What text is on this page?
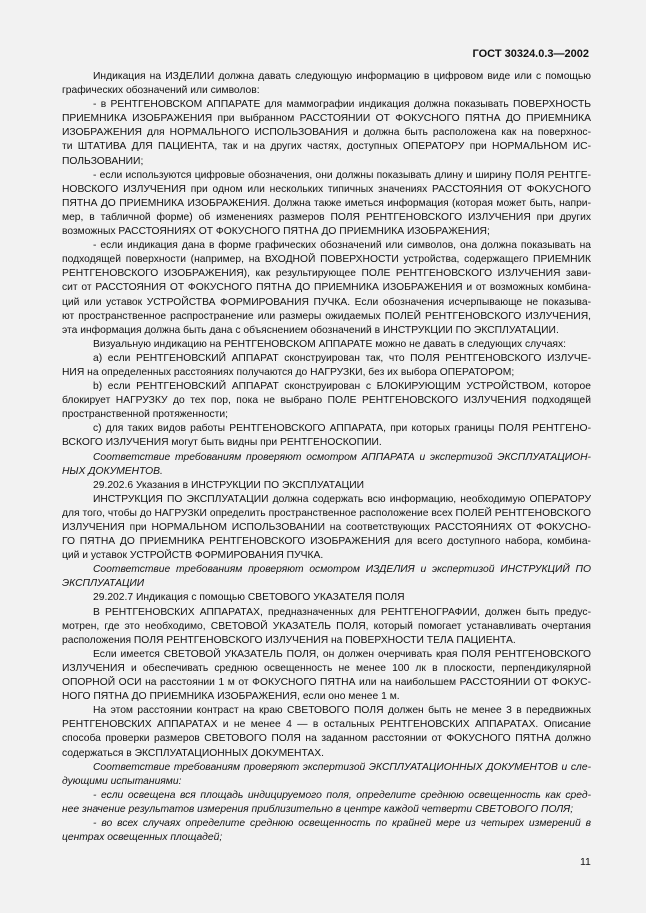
ГОСТ 30324.0.3—2002
Индикация на ИЗДЕЛИИ должна давать следующую информацию в цифровом виде или с помощью
графических обозначений или символов:
- в РЕНТГЕНОВСКОМ АППАРАТЕ для маммографии индикация должна показывать ПОВЕРХНОСТЬ
ПРИЕМНИКА ИЗОБРАЖЕНИЯ при выбранном РАССТОЯНИИ ОТ ФОКУСНОГО ПЯТНА ДО ПРИЕМНИКА
ИЗОБРАЖЕНИЯ для НОРМАЛЬНОГО ИСПОЛЬЗОВАНИЯ и должна быть расположена как на поверхнос-
ти ШТАТИВА ДЛЯ ПАЦИЕНТА, так и на других частях, доступных ОПЕРАТОРУ при НОРМАЛЬНОМ ИС-
ПОЛЬЗОВАНИИ;
- если используются цифровые обозначения, они должны показывать длину и ширину ПОЛЯ РЕНТГЕ-
НОВСКОГО ИЗЛУЧЕНИЯ при одном или нескольких типичных значениях РАССТОЯНИЯ ОТ ФОКУСНОГО
ПЯТНА ДО ПРИЕМНИКА ИЗОБРАЖЕНИЯ. Должна также иметься информация (которая может быть, напри-
мер, в табличной форме) об изменениях размеров ПОЛЯ РЕНТГЕНОВСКОГО ИЗЛУЧЕНИЯ при других
возможных РАССТОЯНИЯХ ОТ ФОКУСНОГО ПЯТНА ДО ПРИЕМНИКА ИЗОБРАЖЕНИЯ;
- если индикация дана в форме графических обозначений или символов, она должна показывать на
подходящей поверхности (например, на ВХОДНОЙ ПОВЕРХНОСТИ устройства, содержащего ПРИЕМНИК
РЕНТГЕНОВСКОГО ИЗОБРАЖЕНИЯ), как результирующее ПОЛЕ РЕНТГЕНОВСКОГО ИЗЛУЧЕНИЯ зави-
сит от РАССТОЯНИЯ ОТ ФОКУСНОГО ПЯТНА ДО ПРИЕМНИКА ИЗОБРАЖЕНИЯ и от возможных комбина-
ций или уставок УСТРОЙСТВА ФОРМИРОВАНИЯ ПУЧКА. Если обозначения исчерпывающе не показыва-
ют пространственное распространение или размеры ожидаемых ПОЛЕЙ РЕНТГЕНОВСКОГО ИЗЛУЧЕНИЯ,
эта информация должна быть дана с объяснением обозначений в ИНСТРУКЦИИ ПО ЭКСПЛУАТАЦИИ.
Визуальную индикацию на РЕНТГЕНОВСКОМ АППАРАТЕ можно не давать в следующих случаях:
а) если РЕНТГЕНОВСКИЙ АППАРАТ сконструирован так, что ПОЛЯ РЕНТГЕНОВСКОГО ИЗЛУЧЕ-
НИЯ на определенных расстояниях получаются до НАГРУЗКИ, без их выбора ОПЕРАТОРОМ;
b) если РЕНТГЕНОВСКИЙ АППАРАТ сконструирован с БЛОКИРУЮЩИМ УСТРОЙСТВОМ, которое
блокирует НАГРУЗКУ до тех пор, пока не выбрано ПОЛЕ РЕНТГЕНОВСКОГО ИЗЛУЧЕНИЯ подходящей
пространственной протяженности;
с) для таких видов работы РЕНТГЕНОВСКОГО АППАРАТА, при которых границы ПОЛЯ РЕНТГЕНО-
ВСКОГО ИЗЛУЧЕНИЯ могут быть видны при РЕНТГЕНОСКОПИИ.
Соответствие требованиям проверяют осмотром АППАРАТА и экспертизой ЭКСПЛУАТАЦИОН-
НЫХ ДОКУМЕНТОВ.
29.202.6 Указания в ИНСТРУКЦИИ ПО ЭКСПЛУАТАЦИИ
ИНСТРУКЦИЯ ПО ЭКСПЛУАТАЦИИ должна содержать всю информацию, необходимую ОПЕРАТОРУ
для того, чтобы до НАГРУЗКИ определить пространственное расположение всех ПОЛЕЙ РЕНТГЕНОВСКОГО
ИЗЛУЧЕНИЯ при НОРМАЛЬНОМ ИСПОЛЬЗОВАНИИ на соответствующих РАССТОЯНИЯХ ОТ ФОКУСНО-
ГО ПЯТНА ДО ПРИЕМНИКА РЕНТГЕНОВСКОГО ИЗОБРАЖЕНИЯ для всего доступного набора, комбина-
ций и уставок УСТРОЙСТВ ФОРМИРОВАНИЯ ПУЧКА.
Соответствие требованиям проверяют осмотром ИЗДЕЛИЯ и экспертизой ИНСТРУКЦИЙ ПО
ЭКСПЛУАТАЦИИ
29.202.7 Индикация с помощью СВЕТОВОГО УКАЗАТЕЛЯ ПОЛЯ
В РЕНТГЕНОВСКИХ АППАРАТАХ, предназначенных для РЕНТГЕНОГРАФИИ, должен быть предус-
мотрен, где это необходимо, СВЕТОВОЙ УКАЗАТЕЛЬ ПОЛЯ, который помогает устанавливать очертания
расположения ПОЛЯ РЕНТГЕНОВСКОГО ИЗЛУЧЕНИЯ на ПОВЕРХНОСТИ ТЕЛА ПАЦИЕНТА.
Если имеется СВЕТОВОЙ УКАЗАТЕЛЬ ПОЛЯ, он должен очерчивать края ПОЛЯ РЕНТГЕНОВСКОГО
ИЗЛУЧЕНИЯ и обеспечивать среднюю освещенность не менее 100 лк в плоскости, перпендикулярной
ОПОРНОЙ ОСИ на расстоянии 1 м от ФОКУСНОГО ПЯТНА или на наибольшем РАССТОЯНИИ ОТ ФОКУС-
НОГО ПЯТНА ДО ПРИЕМНИКА ИЗОБРАЖЕНИЯ, если оно менее 1 м.
На этом расстоянии контраст на краю СВЕТОВОГО ПОЛЯ должен быть не менее 3 в передвижных
РЕНТГЕНОВСКИХ АППАРАТАХ и не менее 4 — в остальных РЕНТГЕНОВСКИХ АППАРАТАХ. Описание
способа проверки размеров СВЕТОВОГО ПОЛЯ на заданном расстоянии от ФОКУСНОГО ПЯТНА должно
содержаться в ЭКСПЛУАТАЦИОННЫХ ДОКУМЕНТАХ.
Соответствие требованиям проверяют экспертизой ЭКСПЛУАТАЦИОННЫХ ДОКУМЕНТОВ и сле-
дующими испытаниями:
- если освещена вся площадь индицируемого поля, определите среднюю освещенность как сред-
нее значение результатов измерения приблизительно в центре каждой четверти СВЕТОВОГО ПОЛЯ;
- во всех случаях определите среднюю освещенность по крайней мере из четырех измерений в
центрах освещенных площадей;
11
